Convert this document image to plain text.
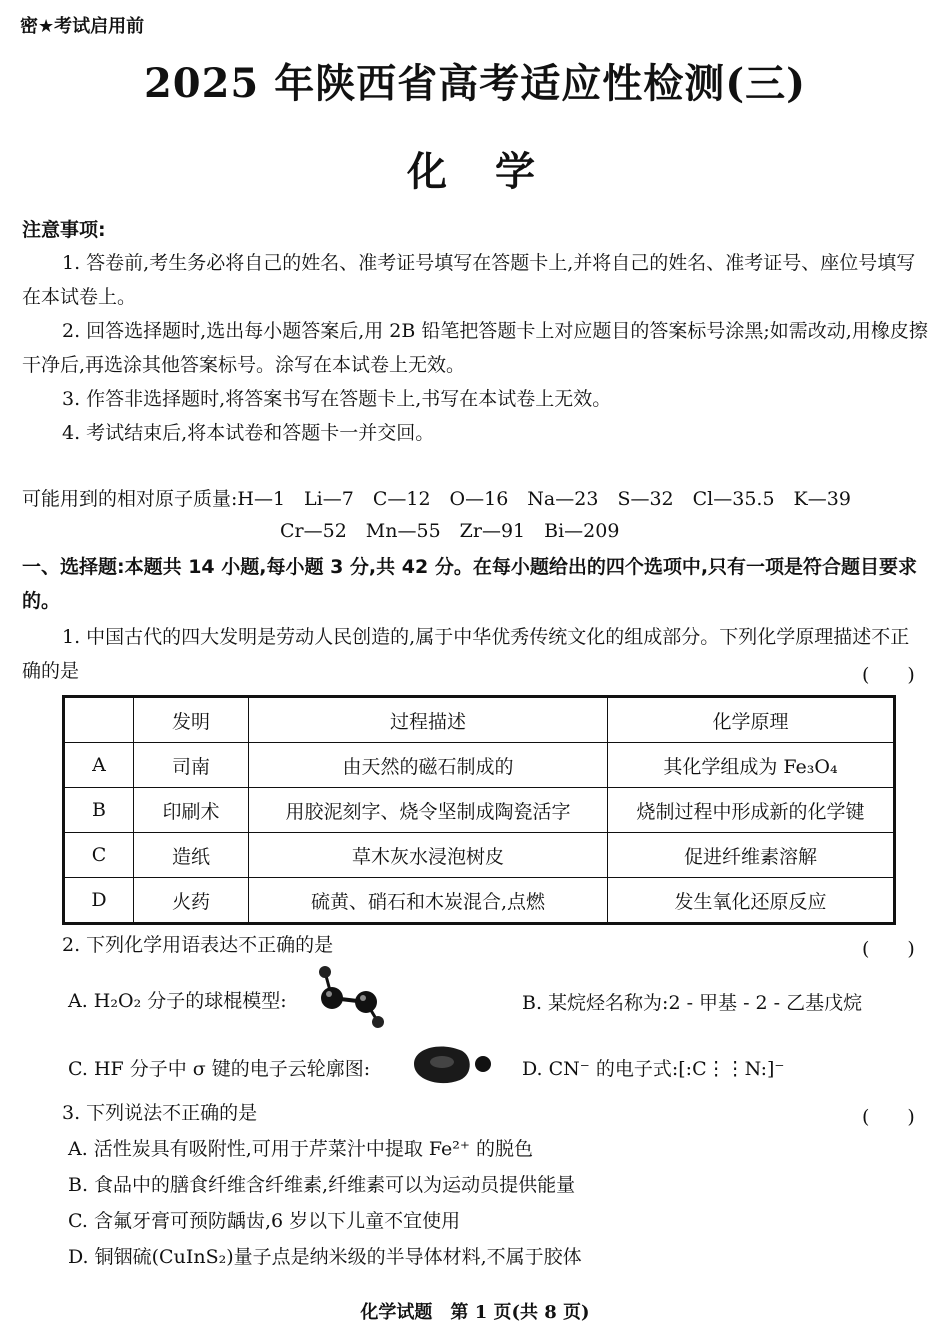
密★考试启用前
2025 年陕西省高考适应性检测(三)
化学
注意事项:
1. 答卷前,考生务必将自己的姓名、准考证号填写在答题卡上,并将自己的姓名、准考证号、座位号填写在本试卷上。
2. 回答选择题时,选出每小题答案后,用 2B 铅笔把答题卡上对应题目的答案标号涂黑;如需改动,用橡皮擦干净后,再选涂其他答案标号。涂写在本试卷上无效。
3. 作答非选择题时,将答案书写在答题卡上,书写在本试卷上无效。
4. 考试结束后,将本试卷和答题卡一并交回。
可能用到的相对原子质量:H—1　Li—7　C—12　O—16　Na—23　S—32　Cl—35.5　K—39
Cr—52　Mn—55　Zr—91　Bi—209
一、选择题:本题共 14 小题,每小题 3 分,共 42 分。在每小题给出的四个选项中,只有一项是符合题目要求的。
1. 中国古代的四大发明是劳动人民创造的,属于中华优秀传统文化的组成部分。下列化学原理描述不正确的是	(　　)
	发明	过程描述	化学原理
A	司南	由天然的磁石制成的	其化学组成为 Fe₃O₄
B	印刷术	用胶泥刻字、烧令坚制成陶瓷活字	烧制过程中形成新的化学键
C	造纸	草木灰水浸泡树皮	促进纤维素溶解
D	火药	硫黄、硝石和木炭混合,点燃	发生氧化还原反应
2. 下列化学用语表达不正确的是	(　　)
A. H₂O₂ 分子的球棍模型:	B. 某烷烃名称为:2 - 甲基 - 2 - 乙基戊烷
C. HF 分子中 σ 键的电子云轮廓图:	D. CN⁻ 的电子式:[:C⋮⋮N:]⁻
3. 下列说法不正确的是	(　　)
A. 活性炭具有吸附性,可用于芹菜汁中提取 Fe²⁺ 的脱色
B. 食品中的膳食纤维含纤维素,纤维素可以为运动员提供能量
C. 含氟牙膏可预防龋齿,6 岁以下儿童不宜使用
D. 铜铟硫(CuInS₂)量子点是纳米级的半导体材料,不属于胶体
化学试题　第 1 页(共 8 页)
